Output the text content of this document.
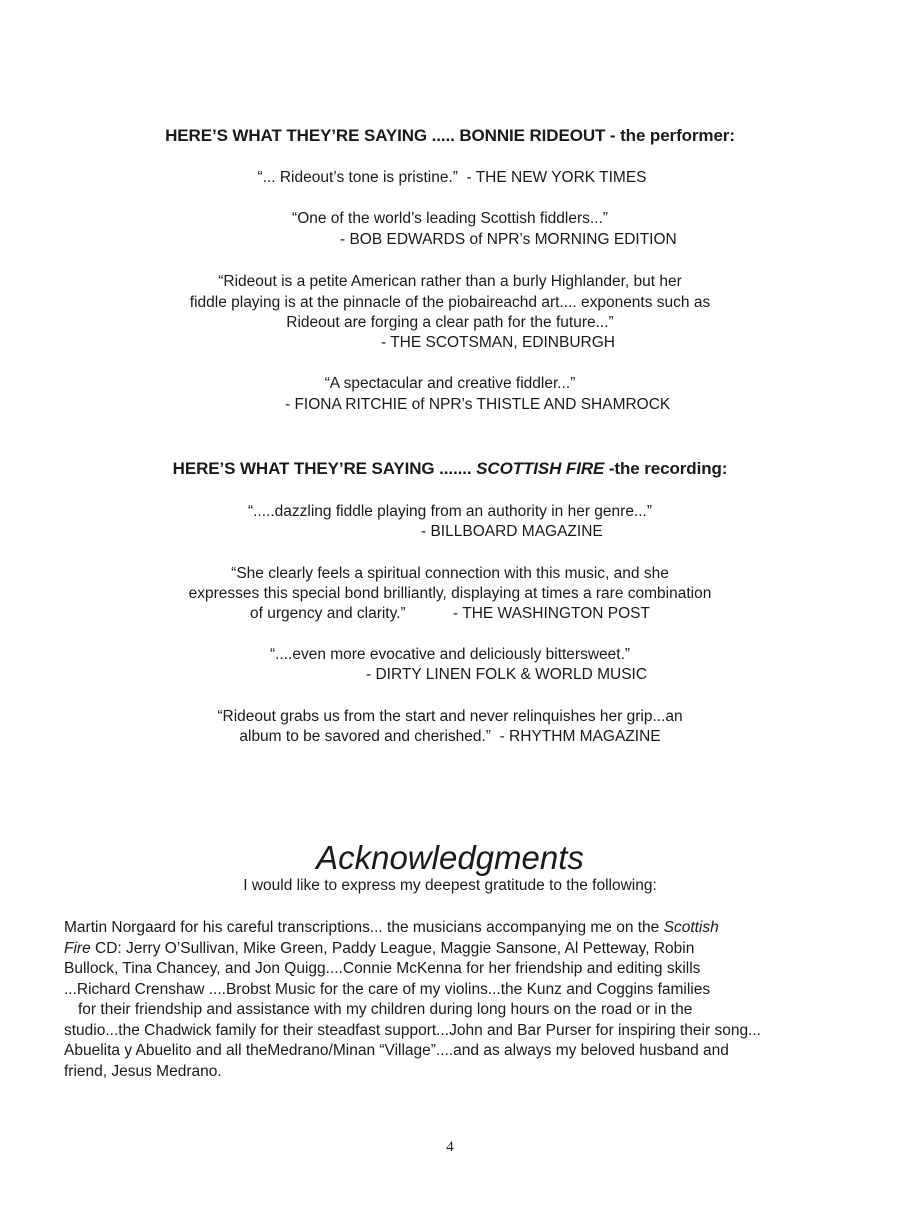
HERE’S WHAT THEY’RE SAYING ..... BONNIE RIDEOUT - the performer:
“... Rideout’s tone is pristine.”  - THE NEW YORK TIMES
“One of the world’s leading Scottish fiddlers...”
- BOB EDWARDS of NPR’s MORNING EDITION
“Rideout is a petite American rather than a burly Highlander, but her
fiddle playing is at the pinnacle of the piobaireachd art.... exponents such as
Rideout are forging a clear path for the future...”
- THE SCOTSMAN, EDINBURGH
“A spectacular and creative fiddler...”
- FIONA RITCHIE of NPR’s THISTLE AND SHAMROCK
HERE’S WHAT THEY’RE SAYING ....... SCOTTISH FIRE -the recording:
“.....dazzling fiddle playing from an authority in her genre...”
- BILLBOARD MAGAZINE
“She clearly feels a spiritual connection with this music, and she
expresses this special bond brilliantly, displaying at times a rare combination
of urgency and clarity.”           - THE WASHINGTON POST
“....even more evocative and deliciously bittersweet.”
- DIRTY LINEN FOLK & WORLD MUSIC
“Rideout grabs us from the start and never relinquishes her grip...an
album to be savored and cherished.”  - RHYTHM MAGAZINE
Acknowledgments
I would like to express my deepest gratitude to the following:
Martin Norgaard for his careful transcriptions... the musicians accompanying me on the Scottish
Fire CD: Jerry O’Sullivan, Mike Green, Paddy League, Maggie Sansone, Al Petteway, Robin
Bullock, Tina Chancey, and Jon Quigg....Connie McKenna for her friendship and editing skills
...Richard Crenshaw ....Brobst Music for the care of my violins...the Kunz and Coggins families
for their friendship and assistance with my children during long hours on the road or in the
studio...the Chadwick family for their steadfast support...John and Bar Purser for inspiring their song...
Abuelita y Abuelito and all theMedrano/Minan “Village”....and as always my beloved husband and
friend, Jesus Medrano.
4
